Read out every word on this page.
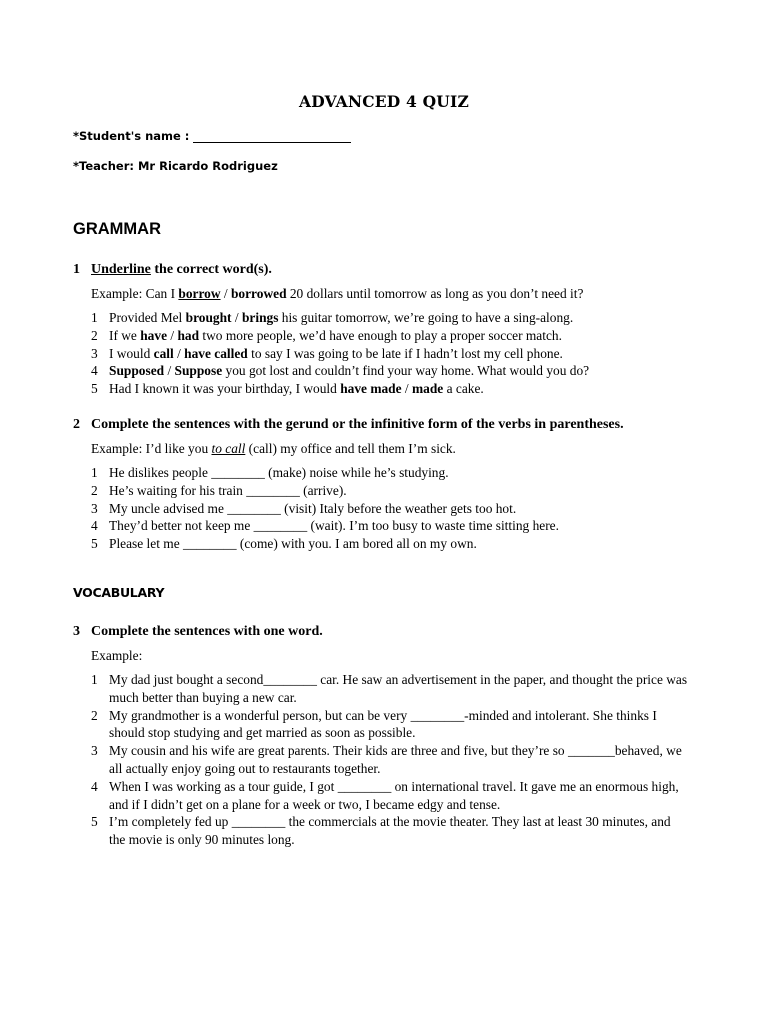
ADVANCED 4 QUIZ
*Student's name :
*Teacher: Mr Ricardo Rodriguez
GRAMMAR
1 Underline the correct word(s).
Example: Can I borrow / borrowed 20 dollars until tomorrow as long as you don’t need it?
1 Provided Mel brought / brings his guitar tomorrow, we’re going to have a sing-along.
2 If we have / had two more people, we’d have enough to play a proper soccer match.
3 I would call / have called to say I was going to be late if I hadn’t lost my cell phone.
4 Supposed / Suppose you got lost and couldn’t find your way home. What would you do?
5 Had I known it was your birthday, I would have made / made a cake.
2 Complete the sentences with the gerund or the infinitive form of the verbs in parentheses.
Example: I’d like you to call (call) my office and tell them I’m sick.
1 He dislikes people ________ (make) noise while he’s studying.
2 He’s waiting for his train ________ (arrive).
3 My uncle advised me ________ (visit) Italy before the weather gets too hot.
4 They’d better not keep me ________ (wait). I’m too busy to waste time sitting here.
5 Please let me ________ (come) with you. I am bored all on my own.
VOCABULARY
3 Complete the sentences with one word.
Example:
1 My dad just bought a second________ car. He saw an advertisement in the paper, and thought the price was much better than buying a new car.
2 My grandmother is a wonderful person, but can be very ________-minded and intolerant. She thinks I should stop studying and get married as soon as possible.
3 My cousin and his wife are great parents. Their kids are three and five, but they’re so _______behaved, we all actually enjoy going out to restaurants together.
4 When I was working as a tour guide, I got ________ on international travel. It gave me an enormous high, and if I didn’t get on a plane for a week or two, I became edgy and tense.
5 I’m completely fed up ________ the commercials at the movie theater. They last at least 30 minutes, and the movie is only 90 minutes long.
